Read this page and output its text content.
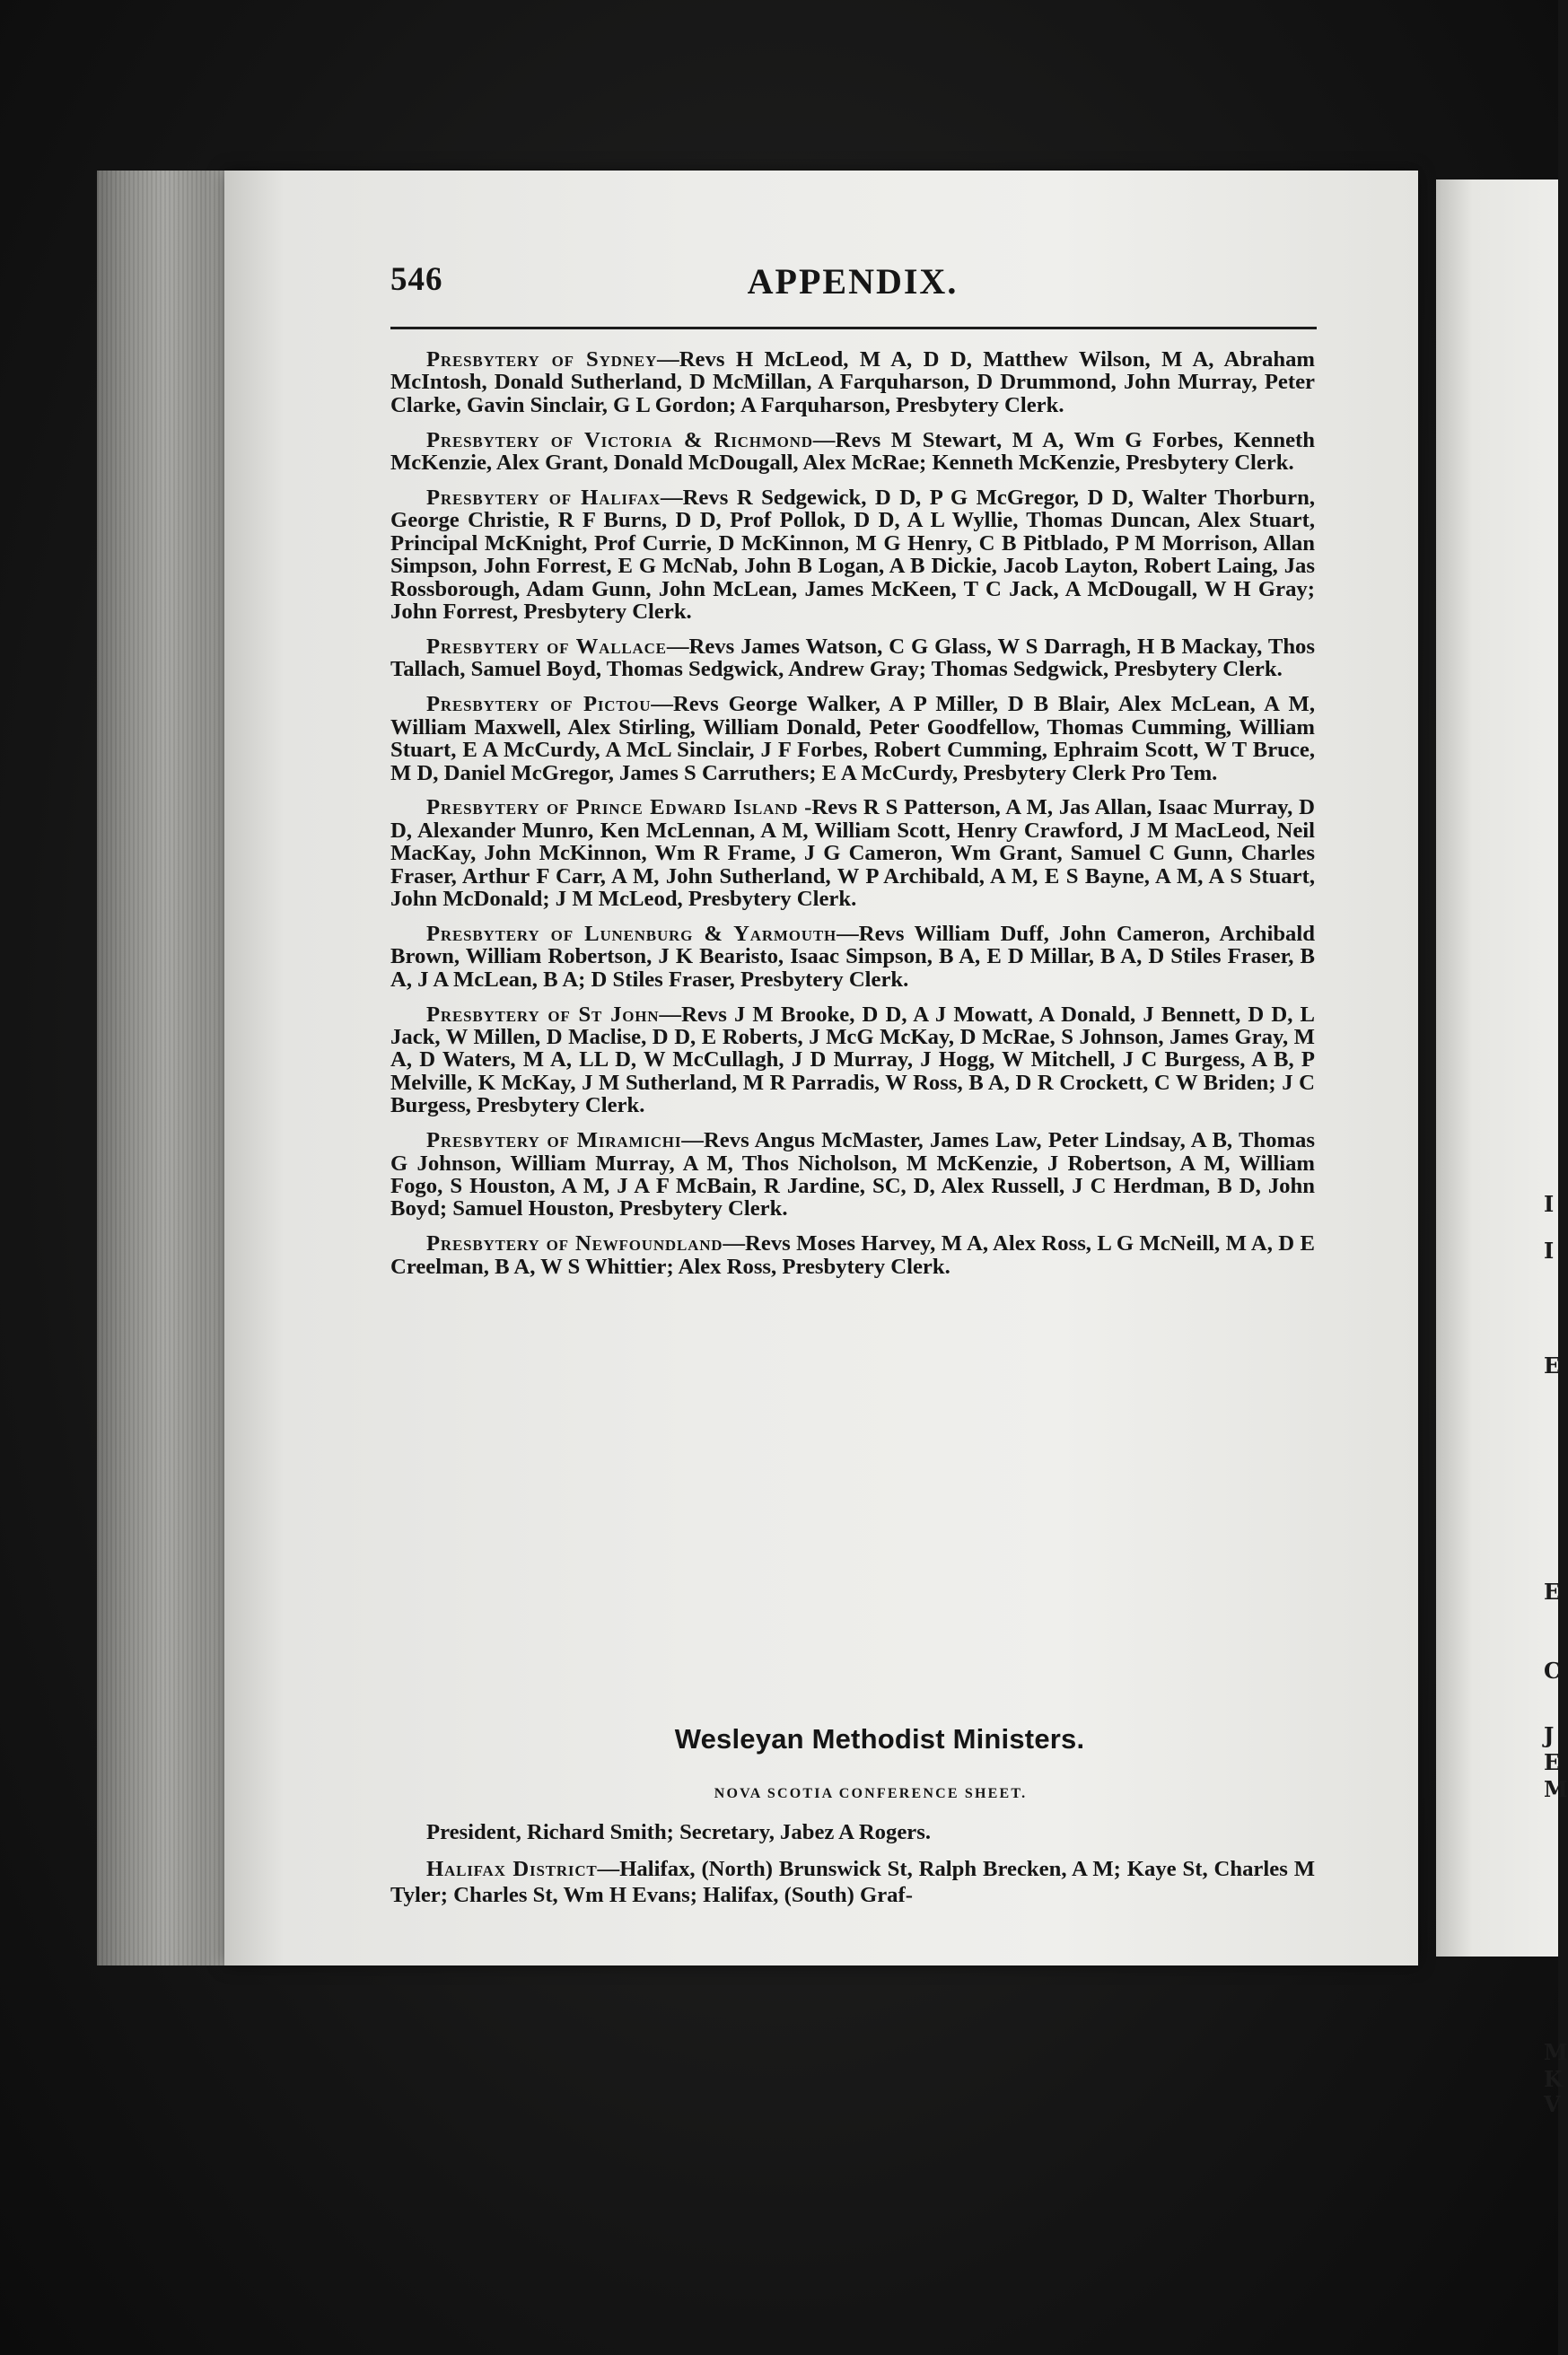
I
I
E
E
C
J
E
M
M
K
V
APPENDIX.
546

Presbytery of Sydney—Revs H McLeod, M A, D D, Matthew Wilson, M A, Abraham McIntosh, Donald Sutherland, D McMillan, A Farquharson, D Drummond, John Murray, Peter Clarke, Gavin Sinclair, G L Gordon; A Farquharson, Presbytery Clerk.

Presbytery of Victoria & Richmond—Revs M Stewart, M A, Wm G Forbes, Kenneth McKenzie, Alex Grant, Donald McDougall, Alex McRae; Kenneth McKenzie, Presbytery Clerk.

Presbytery of Halifax—Revs R Sedgewick, D D, P G McGregor, D D, Walter Thorburn, George Christie, R F Burns, D D, Prof Pollok, D D, A L Wyllie, Thomas Duncan, Alex Stuart, Principal McKnight, Prof Currie, D McKinnon, M G Henry, C B Pitblado, P M Morrison, Allan Simpson, John Forrest, E G McNab, John B Logan, A B Dickie, Jacob Layton, Robert Laing, Jas Rossborough, Adam Gunn, John McLean, James McKeen, T C Jack, A McDougall, W H Gray; John Forrest, Presbytery Clerk.

Presbytery of Wallace—Revs James Watson, C G Glass, W S Darragh, H B Mackay, Thos Tallach, Samuel Boyd, Thomas Sedgwick, Andrew Gray; Thomas Sedgwick, Presbytery Clerk.

Presbytery of Pictou—Revs George Walker, A P Miller, D B Blair, Alex McLean, A M, William Maxwell, Alex Stirling, William Donald, Peter Goodfellow, Thomas Cumming, William Stuart, E A McCurdy, A McL Sinclair, J F Forbes, Robert Cumming, Ephraim Scott, W T Bruce, M D, Daniel McGregor, James S Carruthers; E A McCurdy, Presbytery Clerk Pro Tem.

Presbytery of Prince Edward Island -Revs R S Patterson, A M, Jas Allan, Isaac Murray, D D, Alexander Munro, Ken McLennan, A M, William Scott, Henry Crawford, J M MacLeod, Neil MacKay, John McKinnon, Wm R Frame, J G Cameron, Wm Grant, Samuel C Gunn, Charles Fraser, Arthur F Carr, A M, John Sutherland, W P Archibald, A M, E S Bayne, A M, A S Stuart, John McDonald; J M McLeod, Presbytery Clerk.

Presbytery of Lunenburg & Yarmouth—Revs William Duff, John Cameron, Archibald Brown, William Robertson, J K Bearisto, Isaac Simpson, B A, E D Millar, B A, D Stiles Fraser, B A, J A McLean, B A; D Stiles Fraser, Presbytery Clerk.

Presbytery of St John—Revs J M Brooke, D D, A J Mowatt, A Donald, J Bennett, D D, L Jack, W Millen, D Maclise, D D, E Roberts, J McG McKay, D McRae, S Johnson, James Gray, M A, D Waters, M A, LL D, W McCullagh, J D Murray, J Hogg, W Mitchell, J C Burgess, A B, P Melville, K McKay, J M Sutherland, M R Parradis, W Ross, B A, D R Crockett, C W Briden; J C Burgess, Presbytery Clerk.

Presbytery of Miramichi—Revs Angus McMaster, James Law, Peter Lindsay, A B, Thomas G Johnson, William Murray, A M, Thos Nicholson, M McKenzie, J Robertson, A M, William Fogo, S Houston, A M, J A F McBain, R Jardine, SC, D, Alex Russell, J C Herdman, B D, John Boyd; Samuel Houston, Presbytery Clerk.

Presbytery of Newfoundland—Revs Moses Harvey, M A, Alex Ross, L G McNeill, M A, D E Creelman, B A, W S Whittier; Alex Ross, Presbytery Clerk.

Wesleyan Methodist Ministers.
NOVA SCOTIA CONFERENCE SHEET.
President, Richard Smith; Secretary, Jabez A Rogers.
Halifax District—Halifax, (North) Brunswick St, Ralph Brecken, A M; Kaye St, Charles M Tyler; Charles St, Wm H Evans; Halifax, (South) Graf-
